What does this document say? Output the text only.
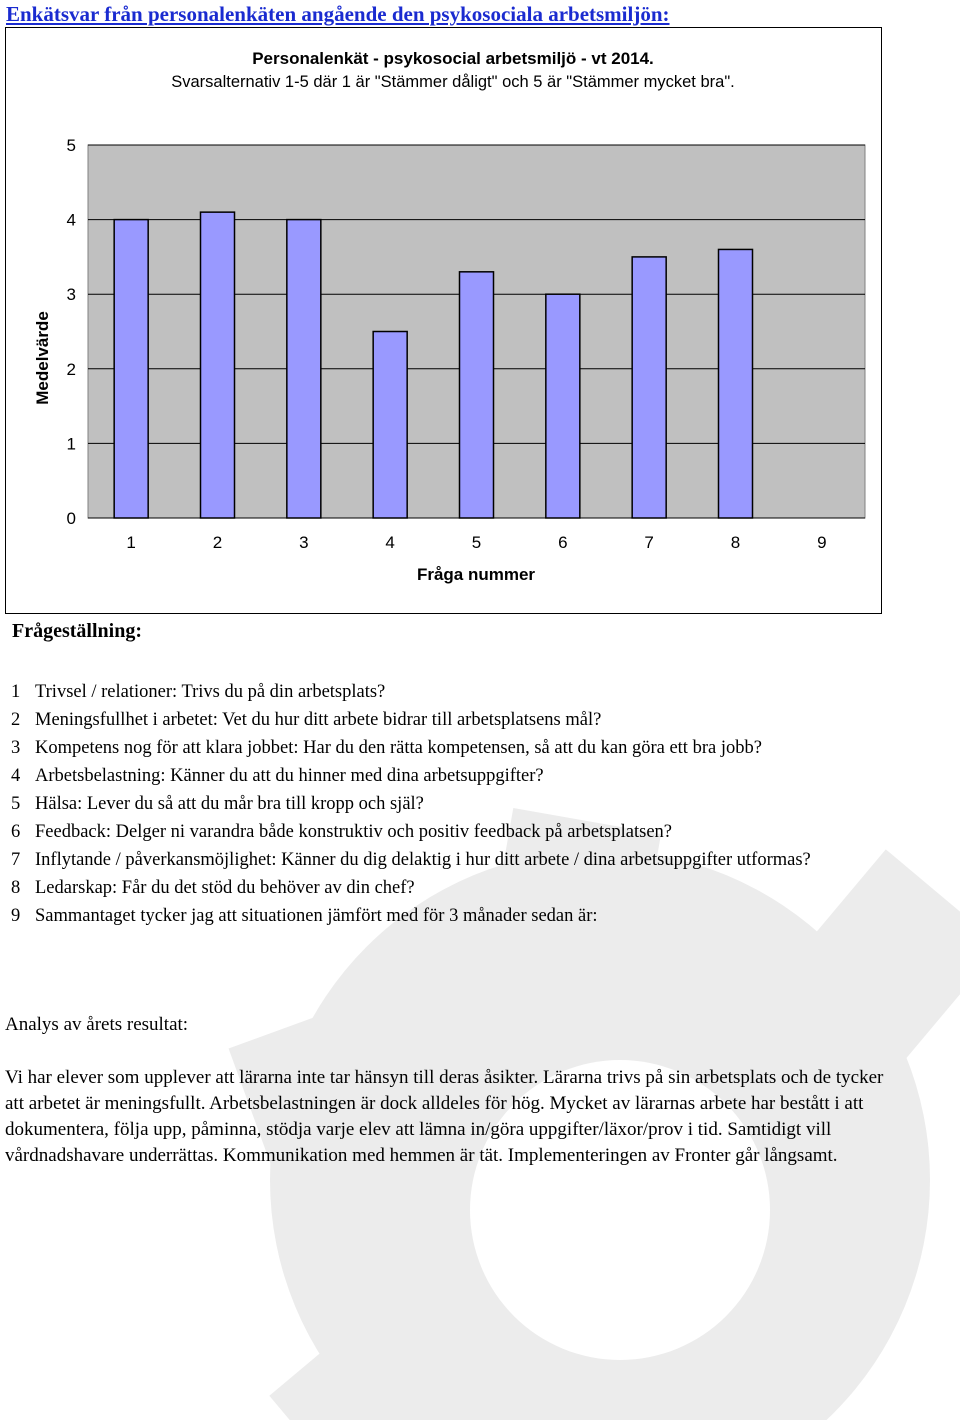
Enkätsvar från personalenkäten angående den psykosociala arbetsmiljön:
Personalenkät - psykosocial arbetsmiljö - vt 2014.
Svarsalternativ 1-5 där 1 är "Stämmer dåligt" och 5 är "Stämmer mycket bra".
0
1
2
3
4
5
1	2	3	4	5	6	7	8	9
Fråga nummer
Medelvärde
Frågeställning:
1 Trivsel / relationer: Trivs du på din arbetsplats?
2 Meningsfullhet i arbetet: Vet du hur ditt arbete bidrar till arbetsplatsens mål?
3 Kompetens nog för att klara jobbet: Har du den rätta kompetensen, så att du kan göra ett bra jobb?
4 Arbetsbelastning: Känner du att du hinner med dina arbetsuppgifter?
5 Hälsa: Lever du så att du mår bra till kropp och själ?
6 Feedback: Delger ni varandra både konstruktiv och positiv feedback på arbetsplatsen?
7 Inflytande / påverkansmöjlighet: Känner du dig delaktig i hur ditt arbete / dina arbetsuppgifter utformas?
8 Ledarskap: Får du det stöd du behöver av din chef?
9 Sammantaget tycker jag att situationen jämfört med för 3 månader sedan är:
Analys av årets resultat:

Vi har elever som upplever att lärarna inte tar hänsyn till deras åsikter. Lärarna trivs på sin arbetsplats och de tycker att arbetet är meningsfullt. Arbetsbelastningen är dock alldeles för hög. Mycket av lärarnas arbete har bestått i att dokumentera, följa upp, påminna, stödja varje elev att lämna in/göra uppgifter/läxor/prov i tid. Samtidigt vill vårdnadshavare underrättas. Kommunikation med hemmen är tät. Implementeringen av Fronter går långsamt.
